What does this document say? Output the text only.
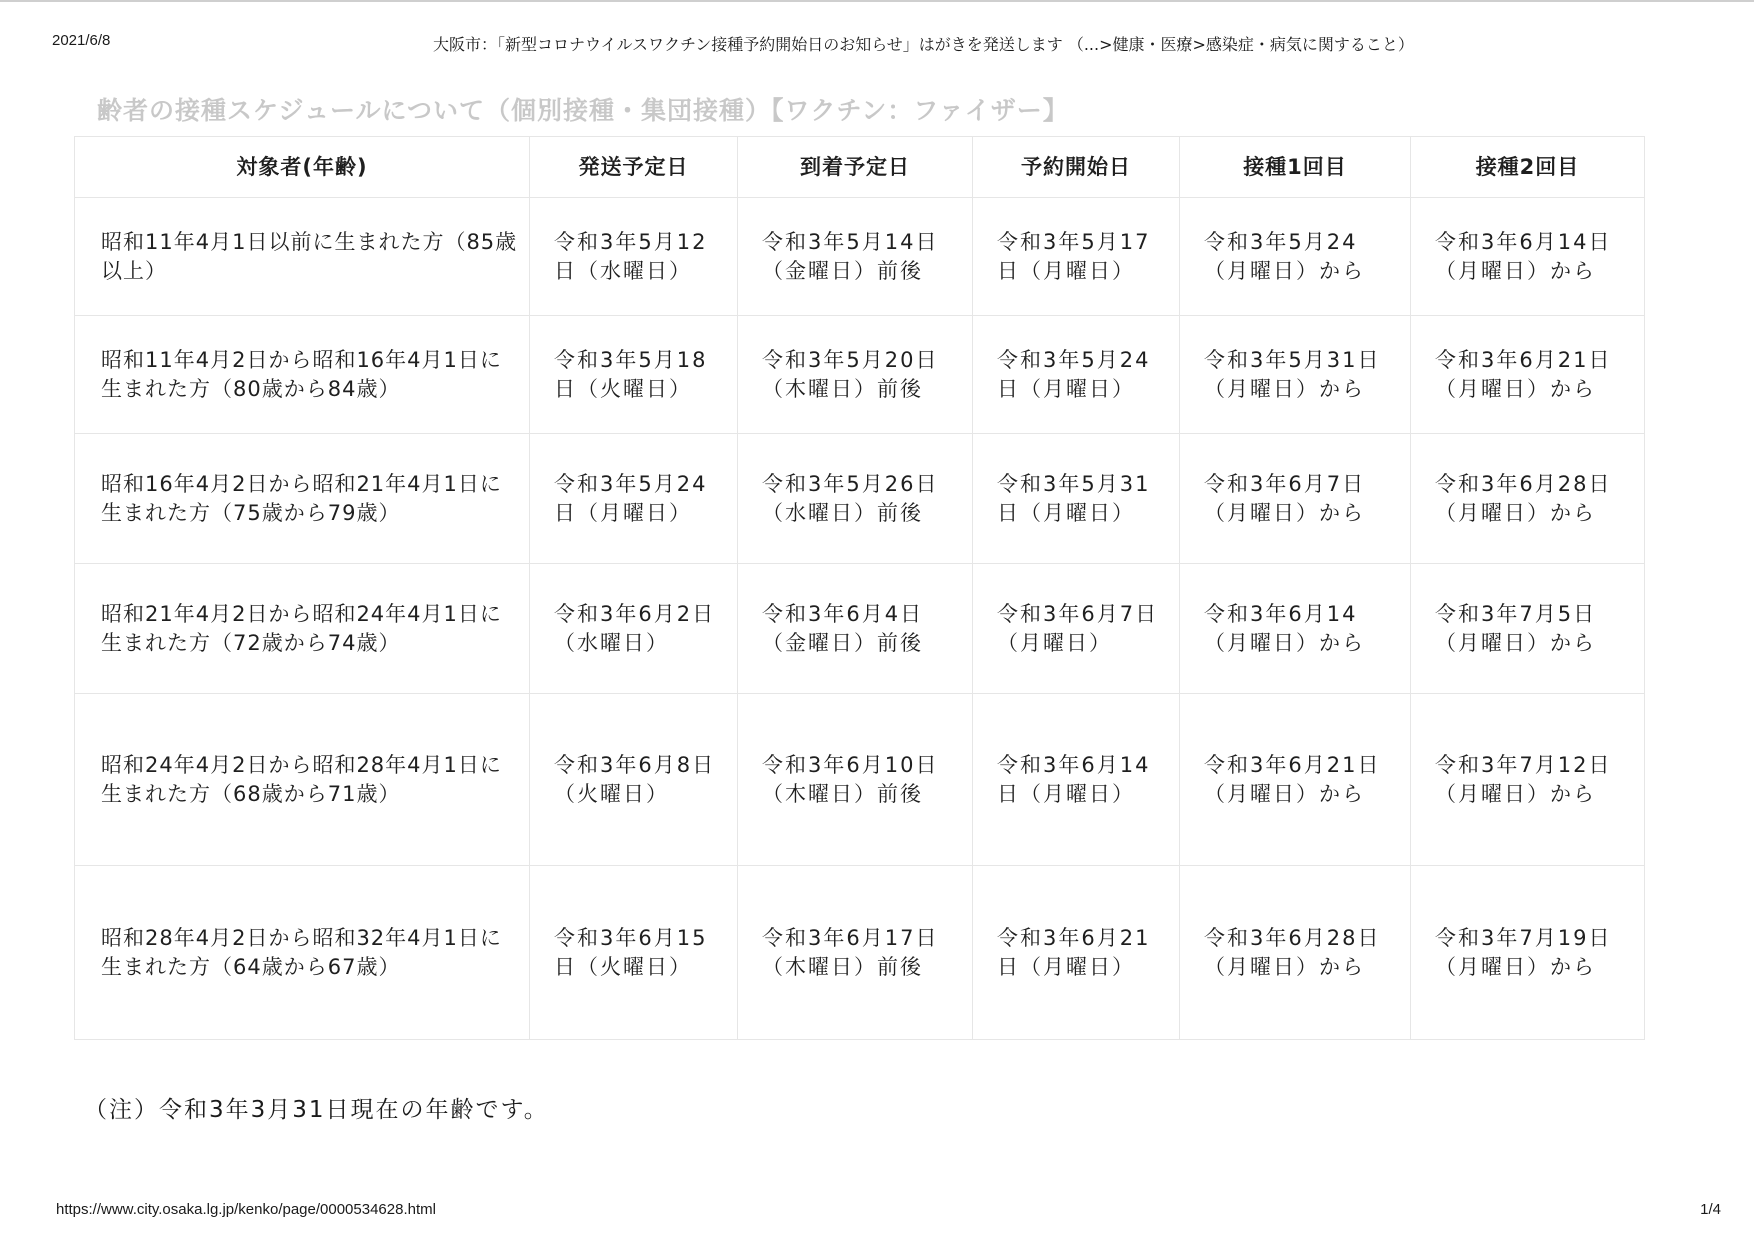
2021/6/8	大阪市：「新型コロナウイルスワクチン接種予約開始日のお知らせ」はがきを発送します （...>健康・医療>感染症・病気に関すること）
齢者の接種スケジュールについて（個別接種・集団接種）【ワクチン：ファイザー】
対象者(年齢)	発送予定日	到着予定日	予約開始日	接種1回目	接種2回目
昭和11年4月1日以前に生まれた方（85歳以上）	令和3年5月12日（水曜日）	令和3年5月14日（金曜日）前後	令和3年5月17日（月曜日）	令和3年5月24（月曜日）から	令和3年6月14日（月曜日）から
昭和11年4月2日から昭和16年4月1日に生まれた方（80歳から84歳）	令和3年5月18日（火曜日）	令和3年5月20日（木曜日）前後	令和3年5月24日（月曜日）	令和3年5月31日（月曜日）から	令和3年6月21日（月曜日）から
昭和16年4月2日から昭和21年4月1日に生まれた方（75歳から79歳）	令和3年5月24日（月曜日）	令和3年5月26日（水曜日）前後	令和3年5月31日（月曜日）	令和3年6月7日（月曜日）から	令和3年6月28日（月曜日）から
昭和21年4月2日から昭和24年4月1日に生まれた方（72歳から74歳）	令和3年6月2日（水曜日）	令和3年6月4日（金曜日）前後	令和3年6月7日（月曜日）	令和3年6月14（月曜日）から	令和3年7月5日（月曜日）から
昭和24年4月2日から昭和28年4月1日に生まれた方（68歳から71歳）	令和3年6月8日（火曜日）	令和3年6月10日（木曜日）前後	令和3年6月14日（月曜日）	令和3年6月21日（月曜日）から	令和3年7月12日（月曜日）から
昭和28年4月2日から昭和32年4月1日に生まれた方（64歳から67歳）	令和3年6月15日（火曜日）	令和3年6月17日（木曜日）前後	令和3年6月21日（月曜日）	令和3年6月28日（月曜日）から	令和3年7月19日（月曜日）から
（注）令和3年3月31日現在の年齢です。
https://www.city.osaka.lg.jp/kenko/page/0000534628.html	1/4
